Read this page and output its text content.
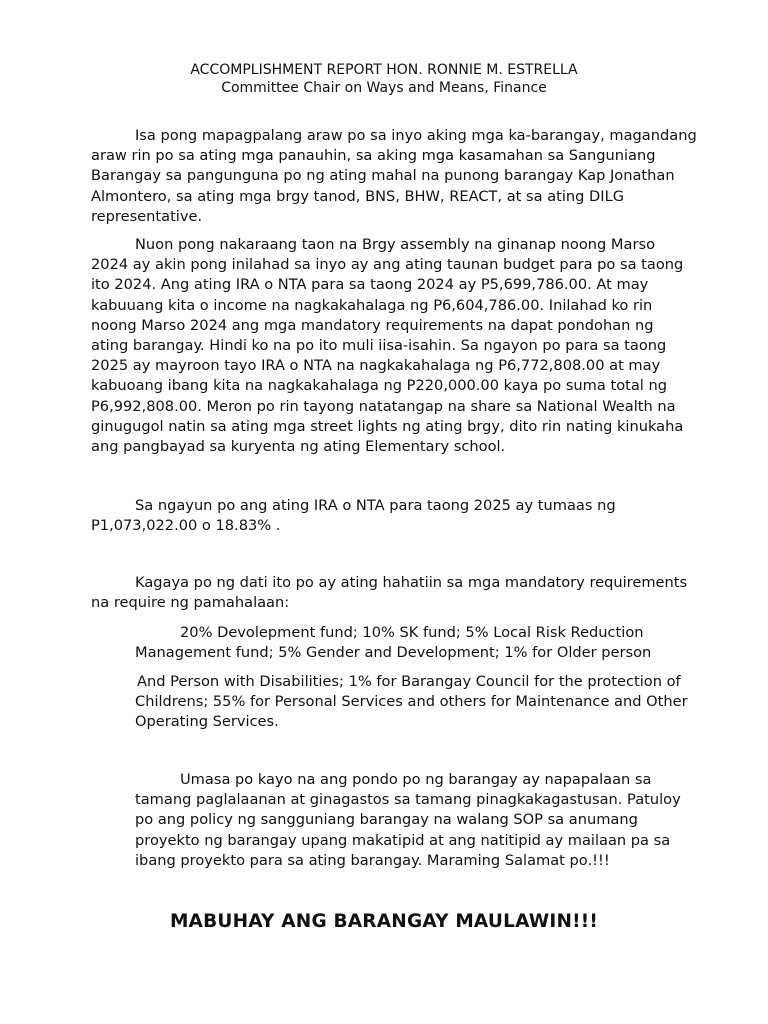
ACCOMPLISHMENT REPORT HON. RONNIE M. ESTRELLA
Committee Chair on Ways and Means, Finance
Isa pong mapagpalang araw po sa inyo aking mga ka-barangay, magandang
araw rin po sa ating mga panauhin, sa aking mga kasamahan sa Sanguniang
Barangay sa pangunguna po ng ating mahal na punong barangay Kap Jonathan
Almontero, sa ating mga brgy tanod, BNS, BHW, REACT, at sa ating DILG
representative.
Nuon pong nakaraang taon na Brgy assembly na ginanap noong Marso
2024 ay akin pong inilahad sa inyo ay ang ating taunan budget para po sa taong
ito 2024. Ang ating IRA o NTA para sa taong 2024 ay P5,699,786.00. At may
kabuuang kita o income na nagkakahalaga ng P6,604,786.00. Inilahad ko rin
noong Marso 2024 ang mga mandatory requirements na dapat pondohan ng
ating barangay. Hindi ko na po ito muli iisa-isahin. Sa ngayon po para sa taong
2025 ay mayroon tayo IRA o NTA na nagkakahalaga ng P6,772,808.00 at may
kabuoang ibang kita na nagkakahalaga ng P220,000.00 kaya po suma total ng
P6,992,808.00. Meron po rin tayong natatangap na share sa National Wealth na
ginugugol natin sa ating mga street lights ng ating brgy, dito rin nating kinukaha
ang pangbayad sa kuryenta ng ating Elementary school.
Sa ngayun po ang ating IRA o NTA para taong 2025 ay tumaas ng
P1,073,022.00 o 18.83% .
Kagaya po ng dati ito po ay ating hahatiin sa mga mandatory requirements
na require ng pamahalaan:
20% Devolepment fund; 10% SK fund; 5% Local Risk Reduction
Management fund; 5% Gender and Development; 1% for Older person
And Person with Disabilities; 1% for Barangay Council for the protection of
Childrens; 55% for Personal Services and others for Maintenance and Other
Operating Services.
Umasa po kayo na ang pondo po ng barangay ay napapalaan sa
tamang paglalaanan at ginagastos sa tamang pinagkakagastusan. Patuloy
po ang policy ng sangguniang barangay na walang SOP sa anumang
proyekto ng barangay upang makatipid at ang natitipid ay mailaan pa sa
ibang proyekto para sa ating barangay. Maraming Salamat po.!!!
MABUHAY ANG BARANGAY MAULAWIN!!!
